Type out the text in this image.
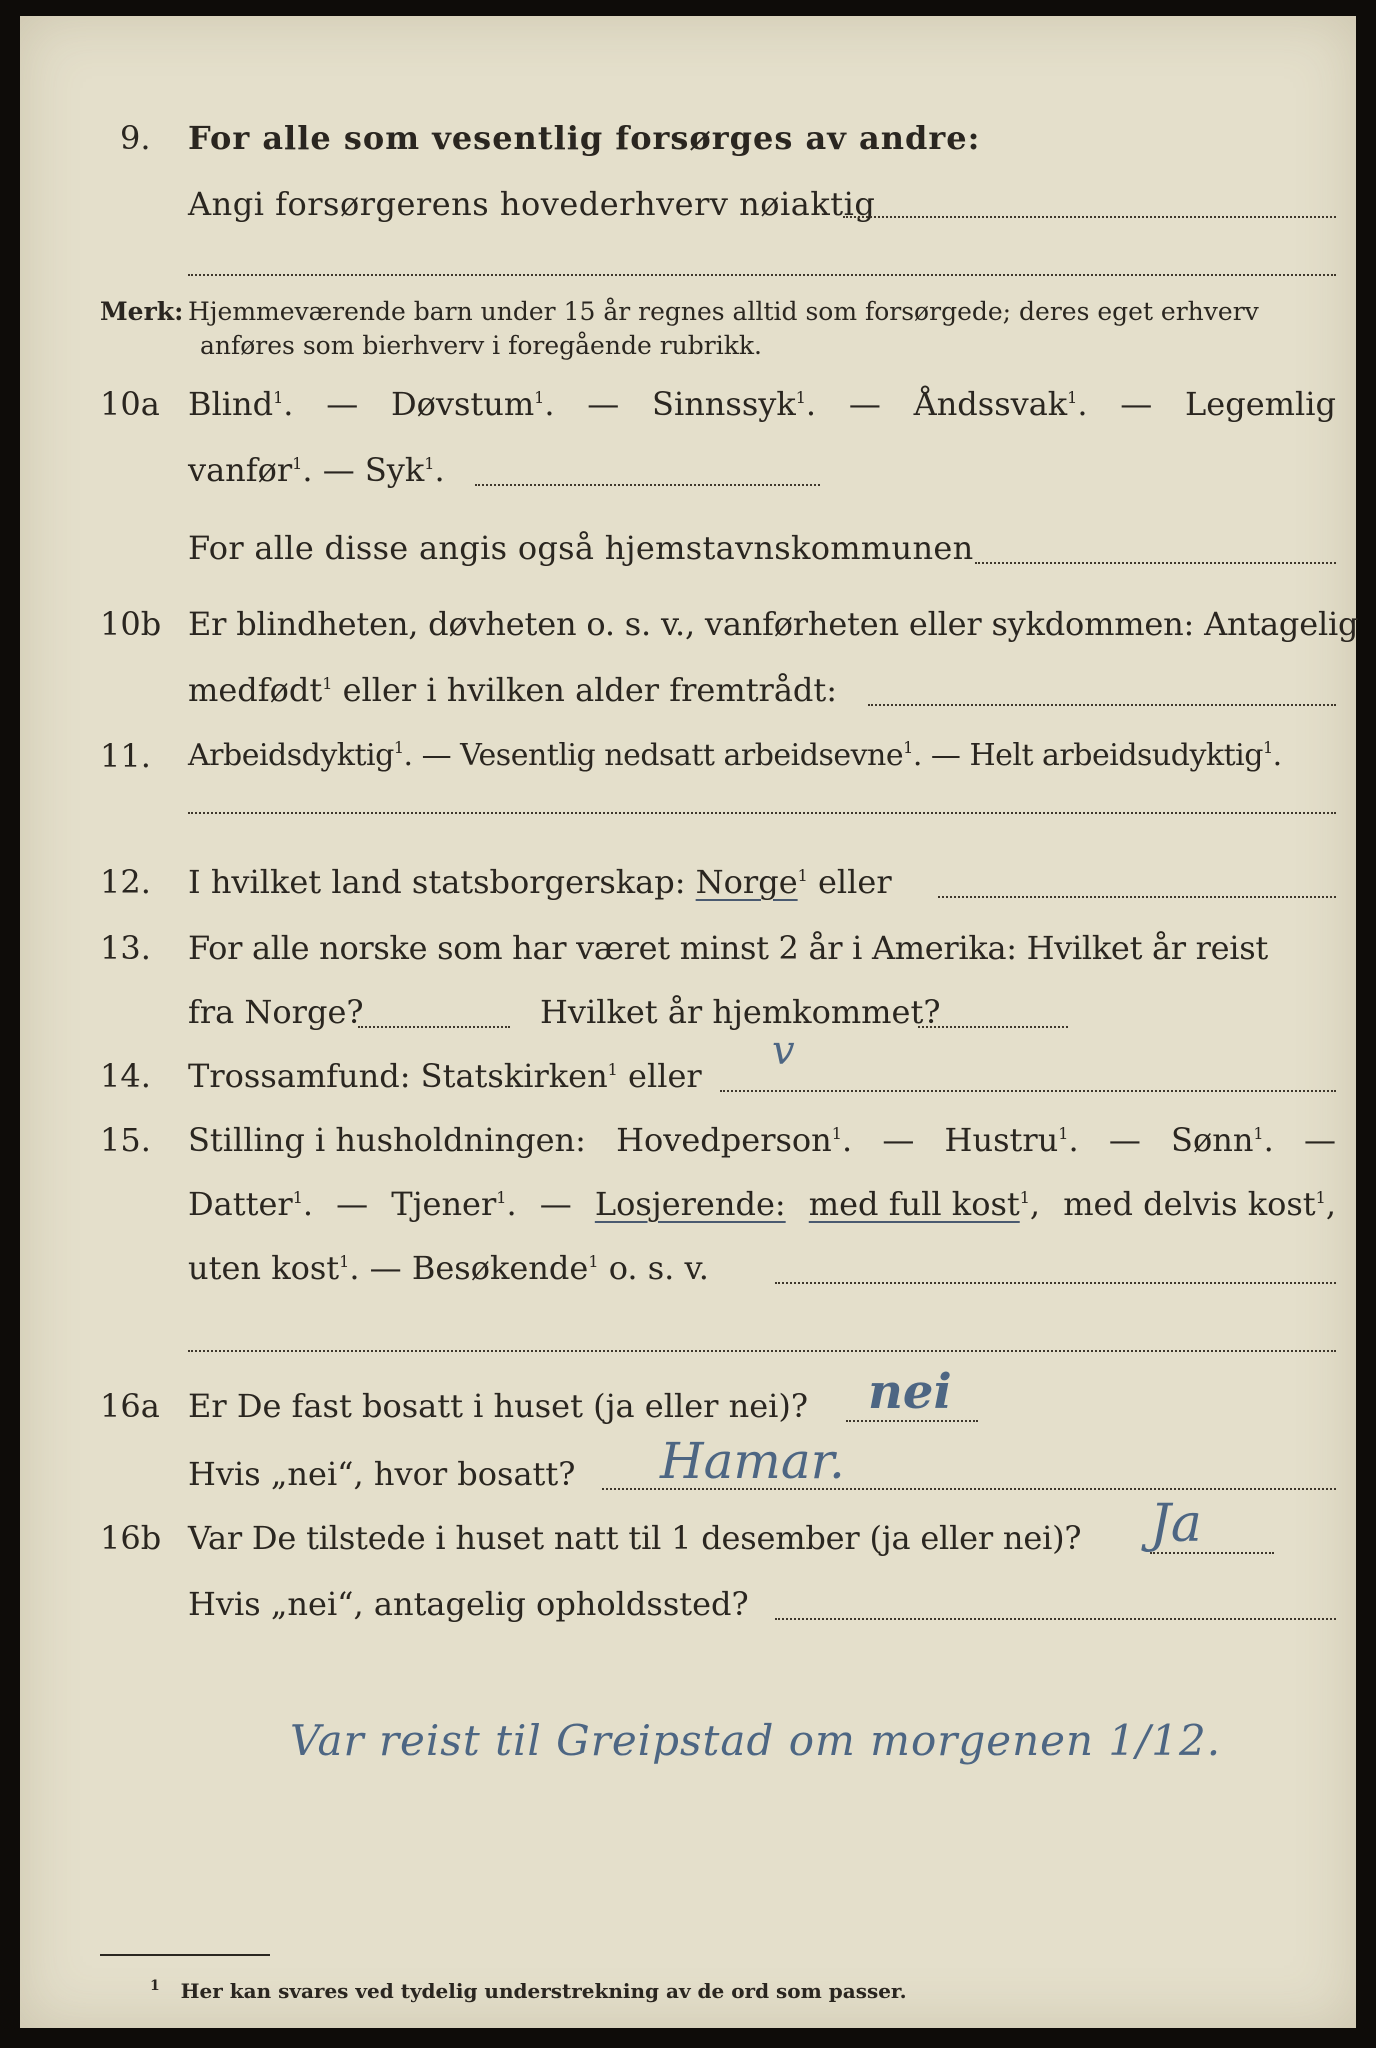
9. For alle som vesentlig forsørges av andre:
Angi forsørgerens hovederhverv nøiaktig
Merk: Hjemmeværende barn under 15 år regnes alltid som forsørgede; deres eget erhverv
anføres som bierhverv i foregående rubrikk.
10a Blind$^1$. — Døvstum$^1$. — Sinnssyk$^1$. — Åndssvak$^1$. — Legemlig
vanfør$^1$. — Syk$^1$.
For alle disse angis også hjemstavnskommunen
10b Er blindheten, døvheten o. s. v., vanførheten eller sykdommen: Antagelig
medfødt$^1$ eller i hvilken alder fremtrådt:
11. Arbeidsdyktig$^1$. — Vesentlig nedsatt arbeidsevne$^1$. — Helt arbeidsudyktig$^1$.
12. I hvilket land statsborgerskap: Norge$^1$ eller
13. For alle norske som har været minst 2 år i Amerika: Hvilket år reist
fra Norge?	Hvilket år hjemkommet?
14. Trossamfund: Statskirken$^1$ eller
v
15. Stilling i husholdningen: Hovedperson$^1$. — Hustru$^1$. — Sønn$^1$. —
Datter$^1$. — Tjener$^1$. — Losjerende: med full kost$^1$, med delvis kost$^1$,
uten kost$^1$. — Besøkende$^1$ o. s. v.
16a Er De fast bosatt i huset (ja eller nei)? nei
Hvis „nei“, hvor bosatt? Hamar.
16b Var De tilstede i huset natt til 1 desember (ja eller nei)? Ja
Hvis „nei“, antagelig opholdssted?
Var reist til Greipstad om morgenen 1/12.
$^1$ Her kan svares ved tydelig understrekning av de ord som passer.
